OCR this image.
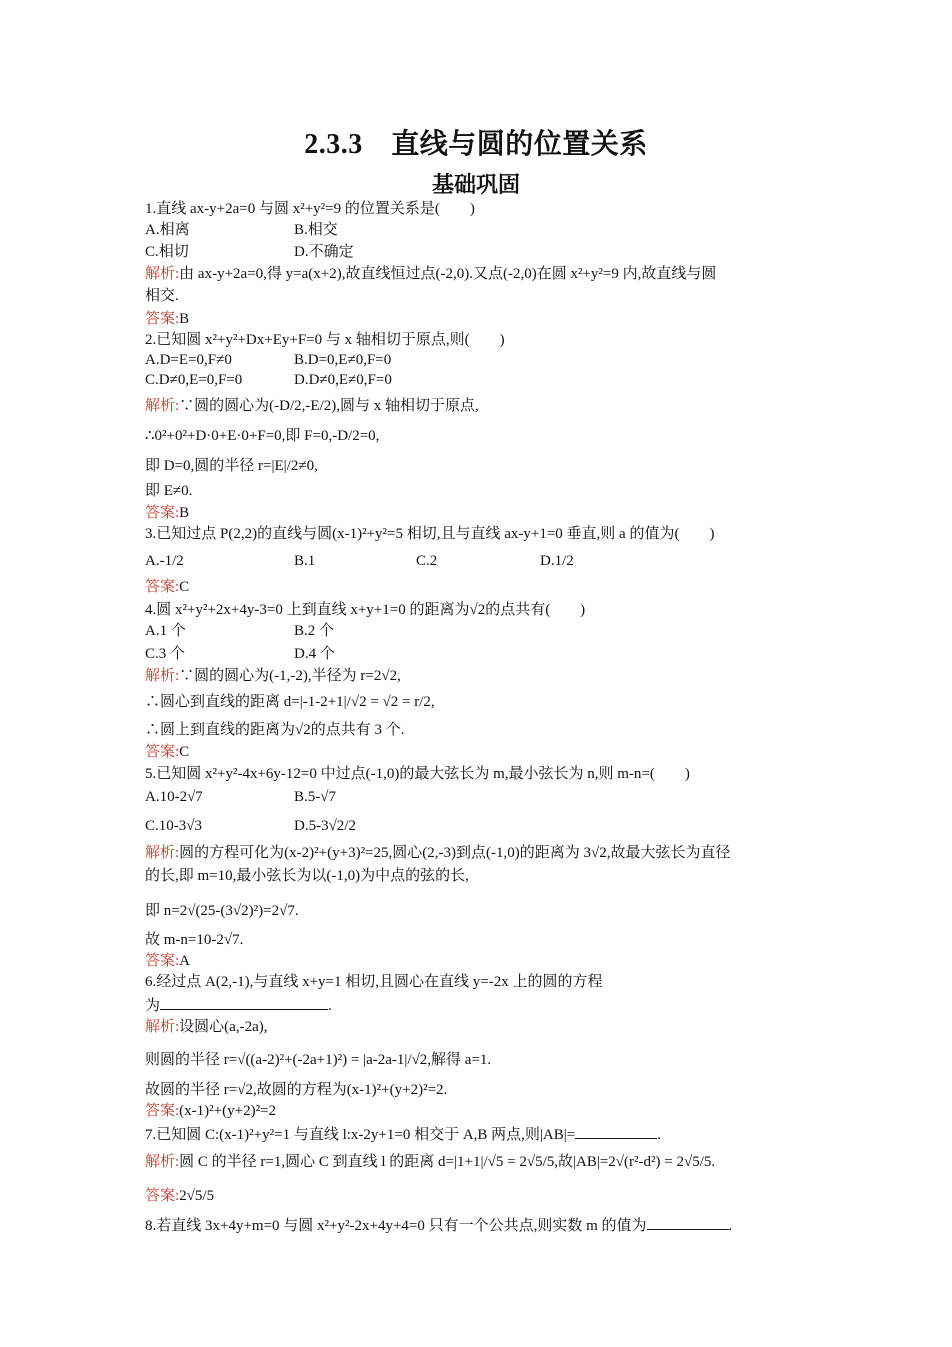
2.3.3　直线与圆的位置关系
基础巩固
1.直线 ax-y+2a=0 与圆 x²+y²=9 的位置关系是(　　)
A.相离	B.相交
C.相切	D.不确定
解析:由 ax-y+2a=0,得 y=a(x+2),故直线恒过点(-2,0).又点(-2,0)在圆 x²+y²=9 内,故直线与圆
相交.
答案:B
2.已知圆 x²+y²+Dx+Ey+F=0 与 x 轴相切于原点,则(　　)
A.D=E=0,F≠0	B.D=0,E≠0,F=0
C.D≠0,E=0,F=0	D.D≠0,E≠0,F=0
解析:∵圆的圆心为(-D/2,-E/2),圆与 x 轴相切于原点,
∴0²+0²+D·0+E·0+F=0,即 F=0,-D/2=0,
即 D=0,圆的半径 r=|E|/2≠0,
即 E≠0.
答案:B
3.已知过点 P(2,2)的直线与圆(x-1)²+y²=5 相切,且与直线 ax-y+1=0 垂直,则 a 的值为(　　)
A.-1/2	B.1	C.2	D.1/2
答案:C
4.圆 x²+y²+2x+4y-3=0 上到直线 x+y+1=0 的距离为√2的点共有(　　)
A.1 个	B.2 个
C.3 个	D.4 个
解析:∵圆的圆心为(-1,-2),半径为 r=2√2,
∴圆心到直线的距离 d=|-1-2+1|/√2 = √2 = r/2,
∴圆上到直线的距离为√2的点共有 3 个.
答案:C
5.已知圆 x²+y²-4x+6y-12=0 中过点(-1,0)的最大弦长为 m,最小弦长为 n,则 m-n=(　　)
A.10-2√7	B.5-√7
C.10-3√3	D.5-3√2/2
解析:圆的方程可化为(x-2)²+(y+3)²=25,圆心(2,-3)到点(-1,0)的距离为 3√2,故最大弦长为直径
的长,即 m=10,最小弦长为以(-1,0)为中点的弦的长,
即 n=2√(25-(3√2)²)=2√7.
故 m-n=10-2√7.
答案:A
6.经过点 A(2,-1),与直线 x+y=1 相切,且圆心在直线 y=-2x 上的圆的方程
为	.
解析:设圆心(a,-2a),
则圆的半径 r=√((a-2)²+(-2a+1)²) = |a-2a-1|/√2,解得 a=1.
故圆的半径 r=√2,故圆的方程为(x-1)²+(y+2)²=2.
答案:(x-1)²+(y+2)²=2
7.已知圆 C:(x-1)²+y²=1 与直线 l:x-2y+1=0 相交于 A,B 两点,则|AB|=	.
解析:圆 C 的半径 r=1,圆心 C 到直线 l 的距离 d=|1+1|/√5 = 2√5/5,故|AB|=2√(r²-d²) = 2√5/5.
答案:2√5/5
8.若直线 3x+4y+m=0 与圆 x²+y²-2x+4y+4=0 只有一个公共点,则实数 m 的值为	.
